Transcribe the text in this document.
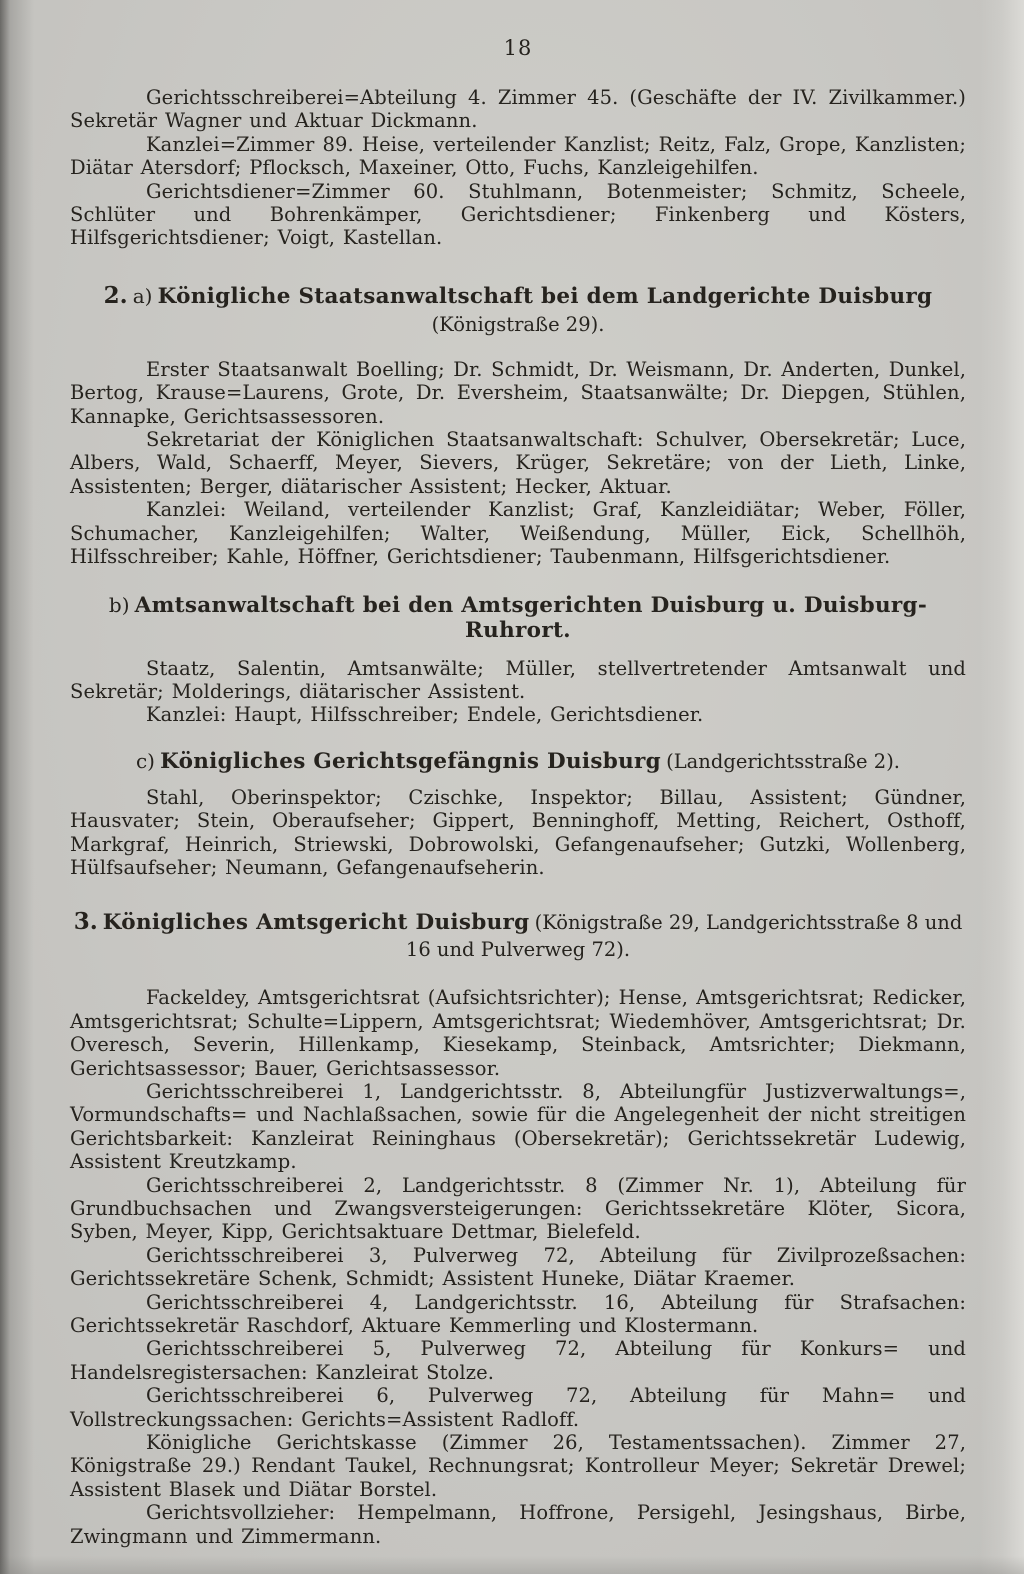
18

Gerichtsschreiberei=Abteilung 4. Zimmer 45. (Geschäfte der IV. Zivilkammer.) Sekretär Wagner und Aktuar Dickmann.

Kanzlei=Zimmer 89. Heise, verteilender Kanzlist; Reitz, Falz, Grope, Kanzlisten; Diätar Atersdorf; Pflocksch, Maxeiner, Otto, Fuchs, Kanzleigehilfen.

Gerichtsdiener=Zimmer 60. Stuhlmann, Botenmeister; Schmitz, Scheele, Schlüter und Bohrenkämper, Gerichtsdiener; Finkenberg und Kösters, Hilfsgerichtsdiener; Voigt, Kastellan.

2. a) Königliche Staatsanwaltschaft bei dem Landgerichte Duisburg
(Königstraße 29).

Erster Staatsanwalt Boelling; Dr. Schmidt, Dr. Weismann, Dr. Anderten, Dunkel, Bertog, Krause=Laurens, Grote, Dr. Eversheim, Staatsanwälte; Dr. Diepgen, Stühlen, Kannapke, Gerichtsassessoren.

Sekretariat der Königlichen Staatsanwaltschaft: Schulver, Obersekretär; Luce, Albers, Wald, Schaerff, Meyer, Sievers, Krüger, Sekretäre; von der Lieth, Linke, Assistenten; Berger, diätarischer Assistent; Hecker, Aktuar.

Kanzlei: Weiland, verteilender Kanzlist; Graf, Kanzleidiätar; Weber, Föller, Schumacher, Kanzleigehilfen; Walter, Weißendung, Müller, Eick, Schellhöh, Hilfsschreiber; Kahle, Höffner, Gerichtsdiener; Taubenmann, Hilfsgerichtsdiener.

b) Amtsanwaltschaft bei den Amtsgerichten Duisburg u. Duisburg-Ruhrort.

Staatz, Salentin, Amtsanwälte; Müller, stellvertretender Amtsanwalt und Sekretär; Molderings, diätarischer Assistent.

Kanzlei: Haupt, Hilfsschreiber; Endele, Gerichtsdiener.

c) Königliches Gerichtsgefängnis Duisburg (Landgerichtsstraße 2).

Stahl, Oberinspektor; Czischke, Inspektor; Billau, Assistent; Gündner, Hausvater; Stein, Oberaufseher; Gippert, Benninghoff, Metting, Reichert, Osthoff, Markgraf, Heinrich, Striewski, Dobrowolski, Gefangenaufseher; Gutzki, Wollenberg, Hülfsaufseher; Neumann, Gefangenaufseherin.

3. Königliches Amtsgericht Duisburg (Königstraße 29, Landgerichtsstraße 8 und 16 und Pulverweg 72).

Fackeldey, Amtsgerichtsrat (Aufsichtsrichter); Hense, Amtsgerichtsrat; Redicker, Amtsgerichtsrat; Schulte=Lippern, Amtsgerichtsrat; Wiedemhöver, Amtsgerichtsrat; Dr. Overesch, Severin, Hillenkamp, Kiesekamp, Steinback, Amtsrichter; Diekmann, Gerichtsassessor; Bauer, Gerichtsassessor.

Gerichtsschreiberei 1, Landgerichtsstr. 8, Abteilungfür Justizverwaltungs=, Vormundschafts= und Nachlaßsachen, sowie für die Angelegenheit der nicht streitigen Gerichtsbarkeit: Kanzleirat Reininghaus (Obersekretär); Gerichtssekretär Ludewig, Assistent Kreutzkamp.

Gerichtsschreiberei 2, Landgerichtsstr. 8 (Zimmer Nr. 1), Abteilung für Grundbuchsachen und Zwangsversteigerungen: Gerichtssekretäre Klöter, Sicora, Syben, Meyer, Kipp, Gerichtsaktuare Dettmar, Bielefeld.

Gerichtsschreiberei 3, Pulverweg 72, Abteilung für Zivilprozeßsachen: Gerichtssekretäre Schenk, Schmidt; Assistent Huneke, Diätar Kraemer.

Gerichtsschreiberei 4, Landgerichtsstr. 16, Abteilung für Strafsachen: Gerichtssekretär Raschdorf, Aktuare Kemmerling und Klostermann.

Gerichtsschreiberei 5, Pulverweg 72, Abteilung für Konkurs= und Handelsregistersachen: Kanzleirat Stolze.

Gerichtsschreiberei 6, Pulverweg 72, Abteilung für Mahn= und Vollstreckungssachen: Gerichts=Assistent Radloff.

Königliche Gerichtskasse (Zimmer 26, Testamentssachen). Zimmer 27, Königstraße 29.) Rendant Taukel, Rechnungsrat; Kontrolleur Meyer; Sekretär Drewel; Assistent Blasek und Diätar Borstel.

Gerichtsvollzieher: Hempelmann, Hoffrone, Persigehl, Jesingshaus, Birbe, Zwingmann und Zimmermann.
